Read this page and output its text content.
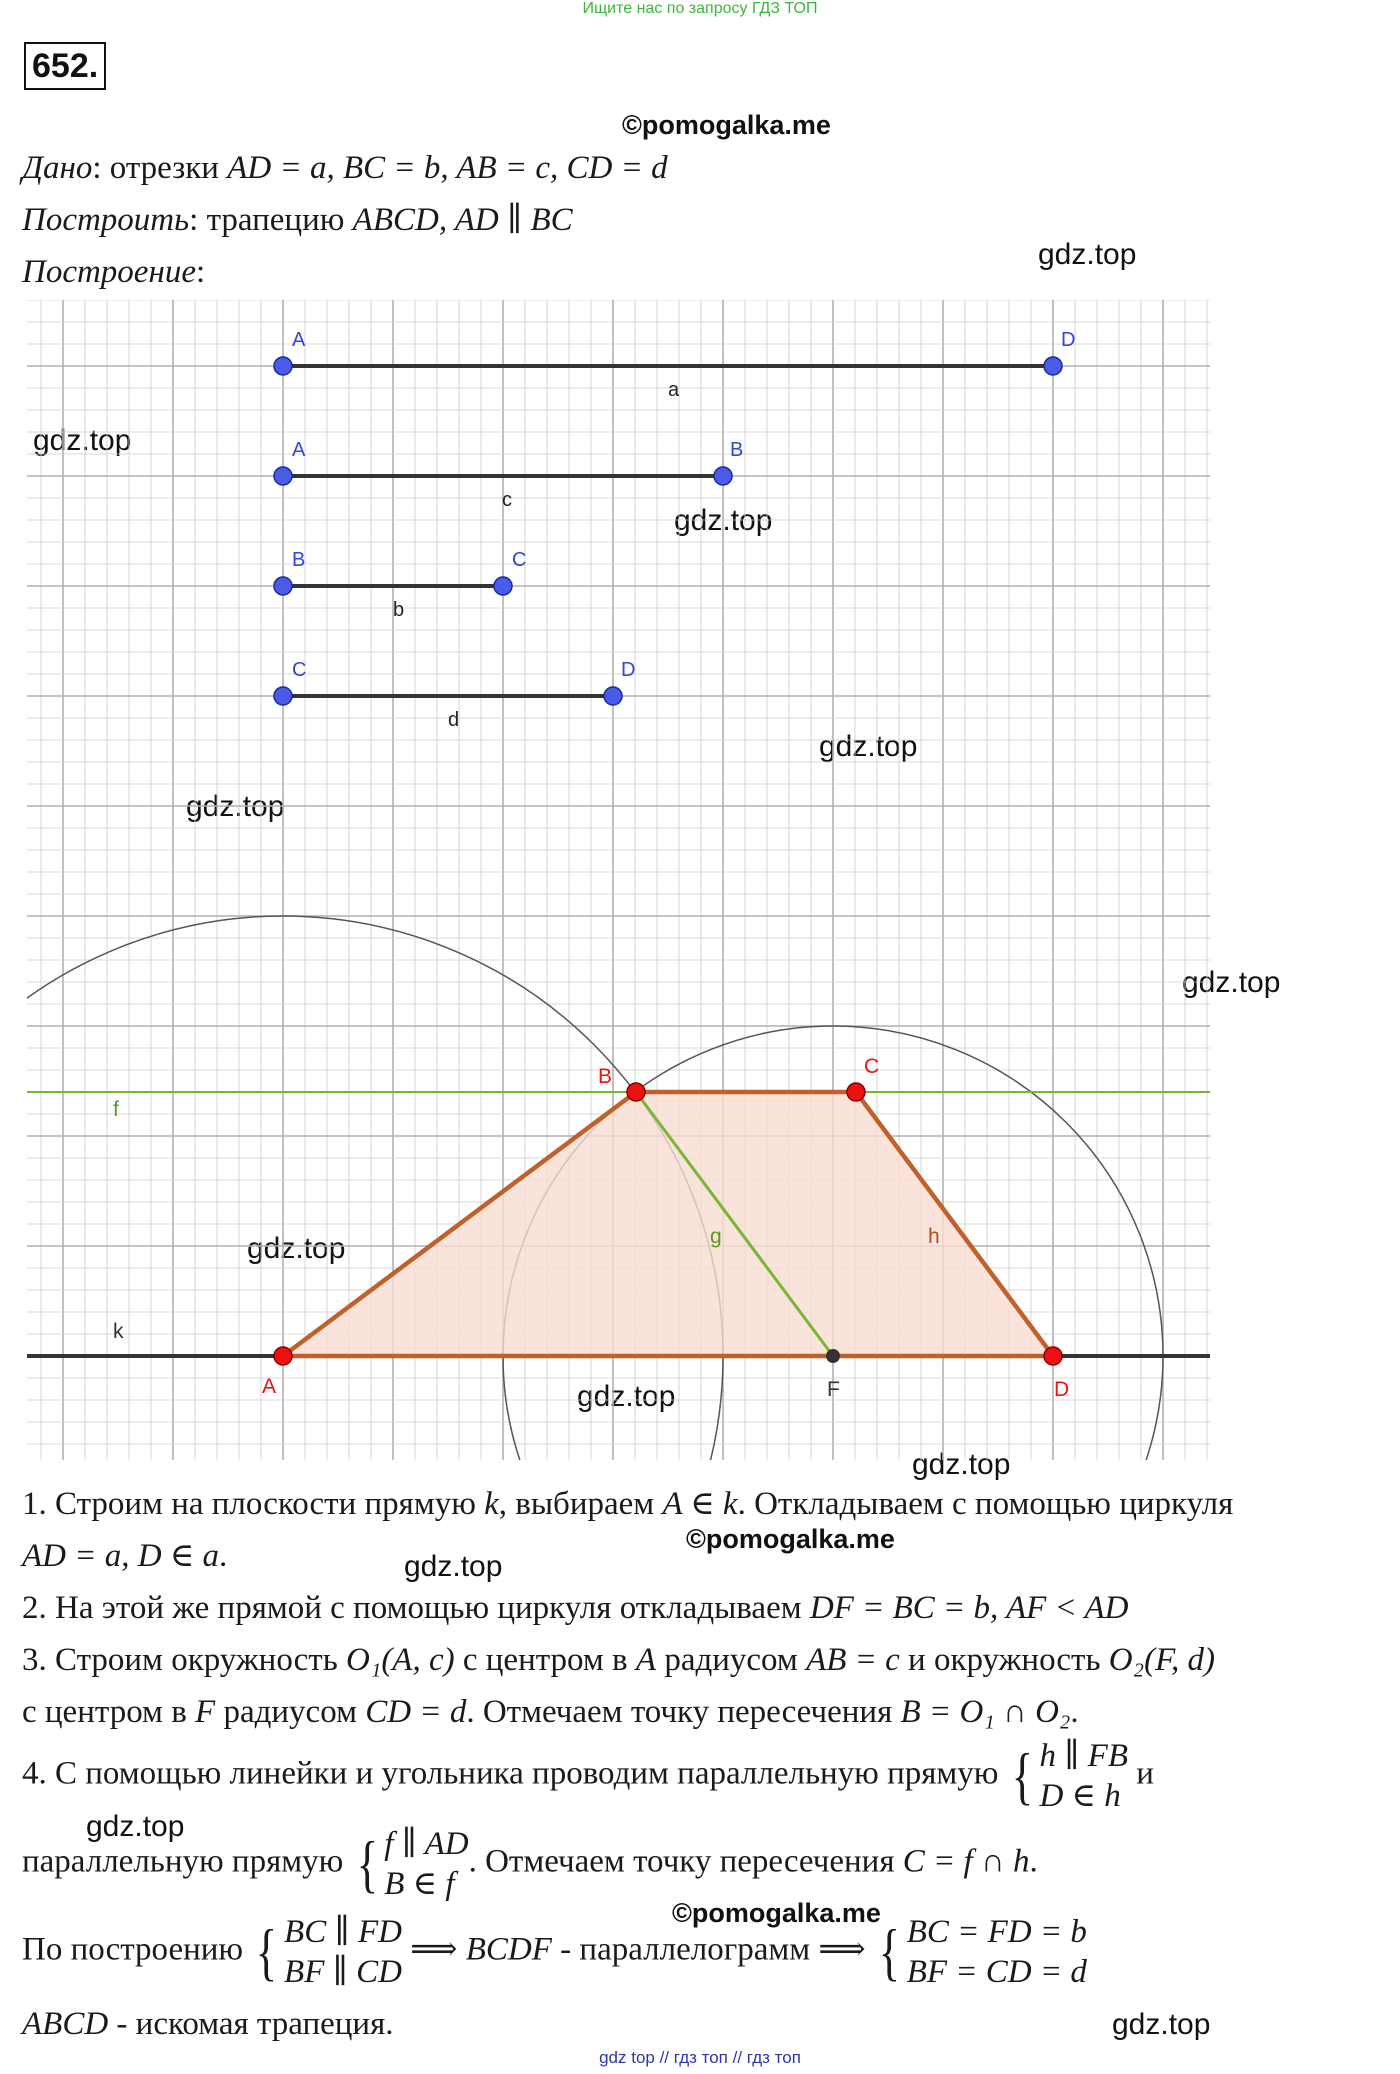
Ищите нас по запросу ГДЗ ТОП
652.
©pomogalka.me
Дано: отрезки AD = a, BC = b, AB = c, CD = d
Построить: трапецию ABCD, AD ∥ BC
Построение:	gdz.top
gdz.top
gdz.top
gdz.top
gdz.top
gdz.top
gdz.top
gdz.top
gdz.top
A	D
a
A	B
c
B	C
b
C	D
d
A
B	C
D
F
f
k
g	h
1. Строим на плоскости прямую k, выбираем A ∈ k. Откладываем с помощью циркуля
AD = a, D ∈ a.	©pomogalka.me
2. На этой же прямой с помощью циркуля откладываем DF = BC = b, AF < AD
3. Строим окружность O₁(A, c) с центром в A радиусом AB = c и окружность O₂(F, d)
с центром в F радиусом CD = d. Отмечаем точку пересечения B = O₁ ∩ O₂.
4. С помощью линейки и угольника проводим параллельную прямую { h ∥ FB
D ∈ h
и
параллельную прямую { f ∥ AD
B ∈ f
. Отмечаем точку пересечения C = f ∩ h.
©pomogalka.me
По построению { BC ∥ FD
BF ∥ CD
⟹ BCDF - параллелограмм ⟹ { BC = FD = b
BF = CD = d
ABCD - искомая трапеция.
gdz.top
gdz.top
gdz.top
gdz top // гдз топ // гдз топ
